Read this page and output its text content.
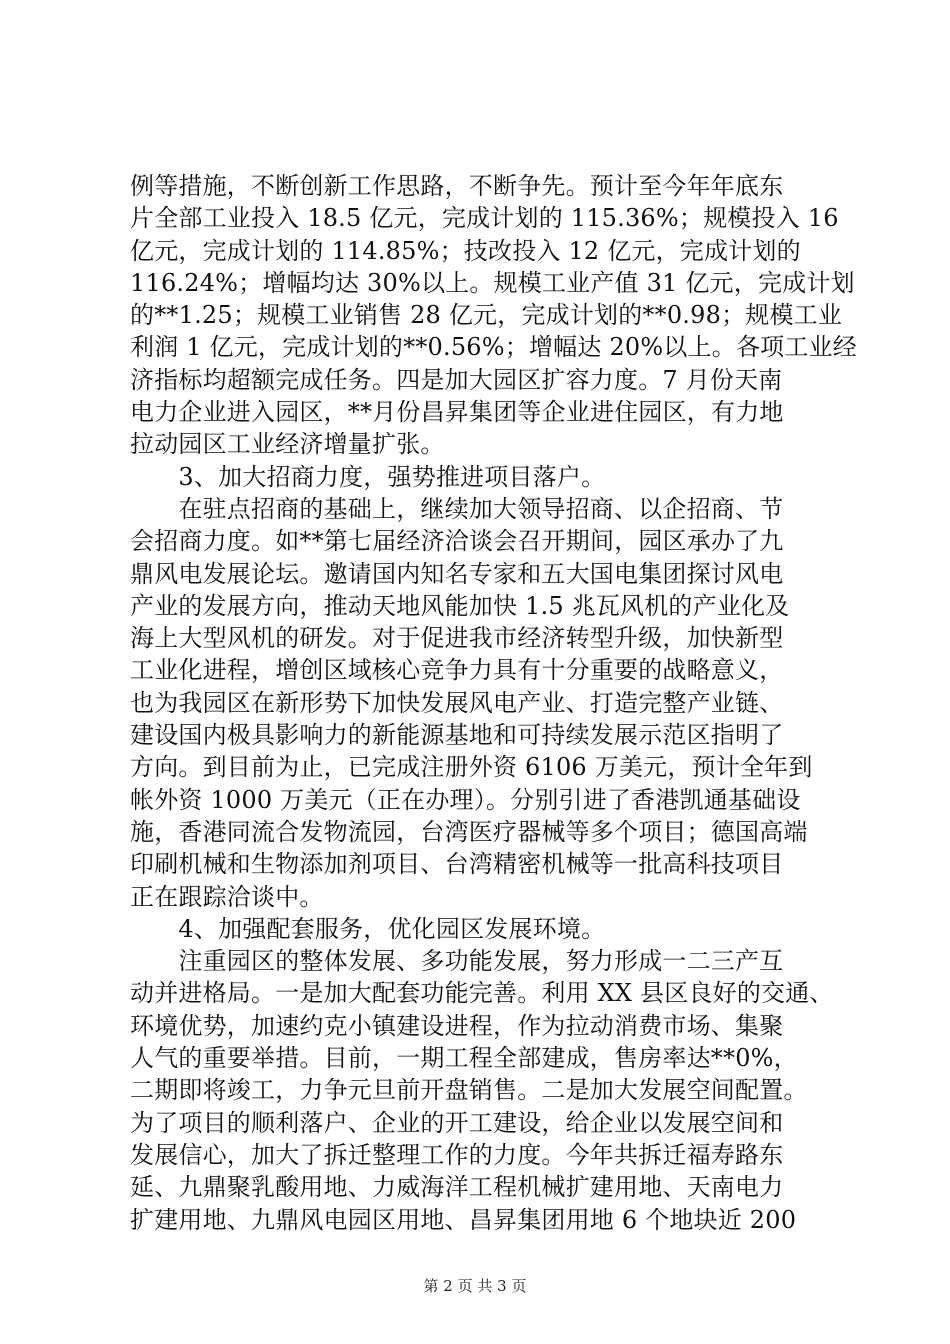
例等措施，不断创新工作思路，不断争先。预计至今年年底东
片全部工业投入 18.5 亿元，完成计划的 115.36%；规模投入 16
亿元，完成计划的 114.85%；技改投入 12 亿元，完成计划的
116.24%；增幅均达 30%以上。规模工业产值 31 亿元，完成计划
的**1.25；规模工业销售 28 亿元，完成计划的**0.98；规模工业
利润 1 亿元，完成计划的**0.56%；增幅达 20%以上。各项工业经
济指标均超额完成任务。四是加大园区扩容力度。7 月份天南
电力企业进入园区，**月份昌昇集团等企业进住园区，有力地
拉动园区工业经济增量扩张。
　　3、加大招商力度，强势推进项目落户。
　　在驻点招商的基础上，继续加大领导招商、以企招商、节
会招商力度。如**第七届经济洽谈会召开期间，园区承办了九
鼎风电发展论坛。邀请国内知名专家和五大国电集团探讨风电
产业的发展方向，推动天地风能加快 1.5 兆瓦风机的产业化及
海上大型风机的研发。对于促进我市经济转型升级，加快新型
工业化进程，增创区域核心竞争力具有十分重要的战略意义，
也为我园区在新形势下加快发展风电产业、打造完整产业链、
建设国内极具影响力的新能源基地和可持续发展示范区指明了
方向。到目前为止，已完成注册外资 6106 万美元，预计全年到
帐外资 1000 万美元（正在办理）。分别引进了香港凯通基础设
施，香港同流合发物流园，台湾医疗器械等多个项目；德国高端
印刷机械和生物添加剂项目、台湾精密机械等一批高科技项目
正在跟踪洽谈中。
　　4、加强配套服务，优化园区发展环境。
　　注重园区的整体发展、多功能发展，努力形成一二三产互
动并进格局。一是加大配套功能完善。利用 XX 县区良好的交通、
环境优势，加速约克小镇建设进程，作为拉动消费市场、集聚
人气的重要举措。目前，一期工程全部建成，售房率达**0%，
二期即将竣工，力争元旦前开盘销售。二是加大发展空间配置。
为了项目的顺利落户、企业的开工建设，给企业以发展空间和
发展信心，加大了拆迁整理工作的力度。今年共拆迁福寿路东
延、九鼎聚乳酸用地、力威海洋工程机械扩建用地、天南电力
扩建用地、九鼎风电园区用地、昌昇集团用地 6 个地块近 200
第 2 页 共 3 页
